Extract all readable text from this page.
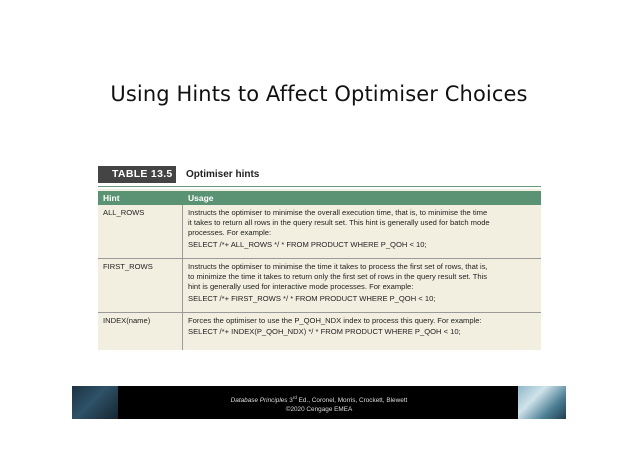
Using Hints to Affect Optimiser Choices
TABLE 13.5	Optimiser hints
Hint	Usage
ALL_ROWS	Instructs the optimiser to minimise the overall execution time, that is, to minimise the time
it takes to return all rows in the query result set. This hint is generally used for batch mode
processes. For example:
SELECT /*+ ALL_ROWS */ * FROM PRODUCT WHERE P_QOH < 10;
FIRST_ROWS	Instructs the optimiser to minimise the time it takes to process the first set of rows, that is,
to minimize the time it takes to return only the first set of rows in the query result set. This
hint is generally used for interactive mode processes. For example:
SELECT /*+ FIRST_ROWS */ * FROM PRODUCT WHERE P_QOH < 10;
INDEX(name)	Forces the optimiser to use the P_QOH_NDX index to process this query. For example:
SELECT /*+ INDEX(P_QOH_NDX) */ * FROM PRODUCT WHERE P_QOH < 10;
Database Principles 3rd Ed., Coronel, Morris, Crockett, Blewett
©2020 Cengage EMEA
